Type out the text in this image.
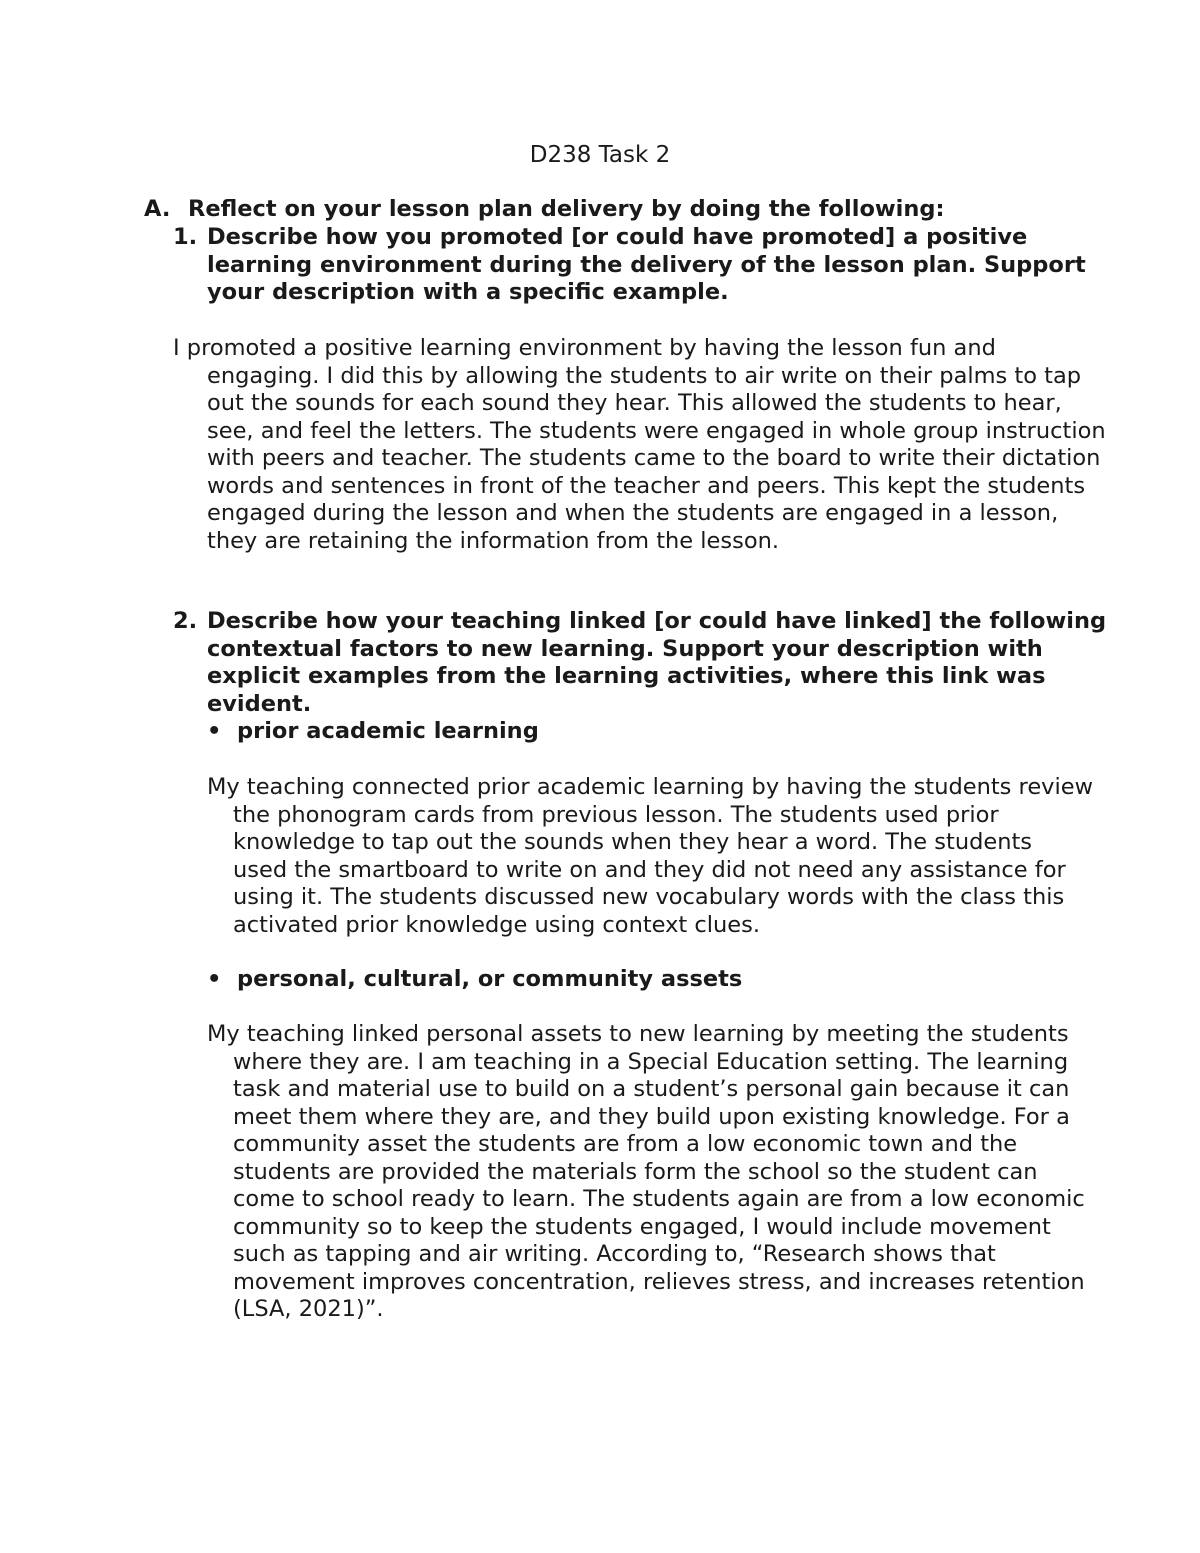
D238 Task 2
A. Reflect on your lesson plan delivery by doing the following:
1. Describe how you promoted [or could have promoted] a positive learning environment during the delivery of the lesson plan. Support your description with a specific example.
I promoted a positive learning environment by having the lesson fun and engaging. I did this by allowing the students to air write on their palms to tap out the sounds for each sound they hear. This allowed the students to hear, see, and feel the letters. The students were engaged in whole group instruction with peers and teacher. The students came to the board to write their dictation words and sentences in front of the teacher and peers. This kept the students engaged during the lesson and when the students are engaged in a lesson, they are retaining the information from the lesson.
2. Describe how your teaching linked [or could have linked] the following contextual factors to new learning. Support your description with explicit examples from the learning activities, where this link was evident.
• prior academic learning
My teaching connected prior academic learning by having the students review the phonogram cards from previous lesson. The students used prior knowledge to tap out the sounds when they hear a word. The students used the smartboard to write on and they did not need any assistance for using it. The students discussed new vocabulary words with the class this activated prior knowledge using context clues.
• personal, cultural, or community assets
My teaching linked personal assets to new learning by meeting the students where they are. I am teaching in a Special Education setting. The learning task and material use to build on a student’s personal gain because it can meet them where they are, and they build upon existing knowledge. For a community asset the students are from a low economic town and the students are provided the materials form the school so the student can come to school ready to learn. The students again are from a low economic community so to keep the students engaged, I would include movement such as tapping and air writing. According to, “Research shows that movement improves concentration, relieves stress, and increases retention (LSA, 2021)”.
